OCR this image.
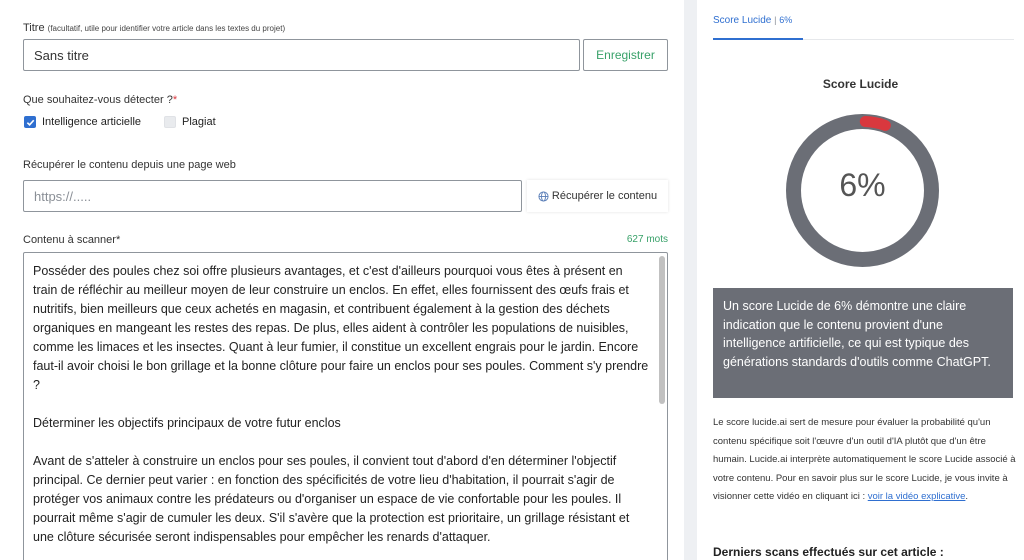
Titre (facultatif, utile pour identifier votre article dans les textes du projet)
Sans titre	Enregistrer
Que souhaitez-vous détecter ?*
Intelligence articielle	Plagiat
Récupérer le contenu depuis une page web
https://.....	Récupérer le contenu
Contenu à scanner*	627 mots

Posséder des poules chez soi offre plusieurs avantages, et c'est d'ailleurs pourquoi vous êtes à présent en train de réfléchir au meilleur moyen de leur construire un enclos. En effet, elles fournissent des œufs frais et nutritifs, bien meilleurs que ceux achetés en magasin, et contribuent également à la gestion des déchets organiques en mangeant les restes des repas. De plus, elles aident à contrôler les populations de nuisibles, comme les limaces et les insectes. Quant à leur fumier, il constitue un excellent engrais pour le jardin. Encore faut-il avoir choisi le bon grillage et la bonne clôture pour faire un enclos pour ses poules. Comment s'y prendre ?

Déterminer les objectifs principaux de votre futur enclos

Avant de s'atteler à construire un enclos pour ses poules, il convient tout d'abord d'en déterminer l'objectif principal. Ce dernier peut varier : en fonction des spécificités de votre lieu d'habitation, il pourrait s'agir de protéger vos animaux contre les prédateurs ou d'organiser un espace de vie confortable pour les poules. Il pourrait même s'agir de cumuler les deux. S'il s'avère que la protection est prioritaire, un grillage résistant et une clôture sécurisée seront indispensables pour empêcher les renards d'attaquer.

Score Lucide | 6%
Score Lucide
6%
Un score Lucide de 6% démontre une claire indication que le contenu provient d'une intelligence artificielle, ce qui est typique des générations standards d'outils comme ChatGPT.
Le score lucide.ai sert de mesure pour évaluer la probabilité qu'un contenu spécifique soit l'œuvre d'un outil d'IA plutôt que d'un être humain. Lucide.ai interprète automatiquement le score Lucide associé à votre contenu. Pour en savoir plus sur le score Lucide, je vous invite à visionner cette vidéo en cliquant ici : voir la vidéo explicative.
Derniers scans effectués sur cet article :
